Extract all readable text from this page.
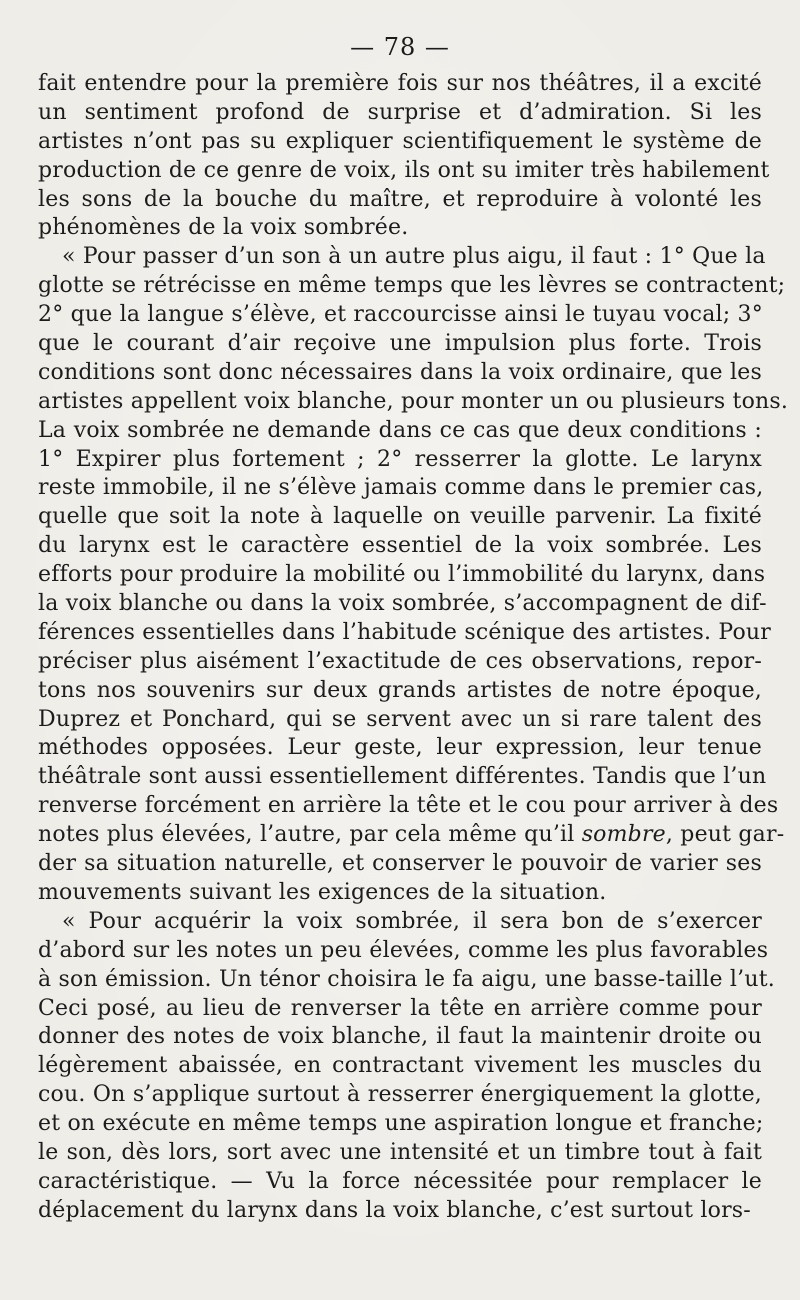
— 78 —
fait entendre pour la première fois sur nos théâtres, il a excité
un sentiment profond de surprise et d’admiration. Si les
artistes n’ont pas su expliquer scientifiquement le système de
production de ce genre de voix, ils ont su imiter très habilement
les sons de la bouche du maître, et reproduire à volonté les
phénomènes de la voix sombrée.
« Pour passer d’un son à un autre plus aigu, il faut : 1° Que la
glotte se rétrécisse en même temps que les lèvres se contractent;
2° que la langue s’élève, et raccourcisse ainsi le tuyau vocal; 3°
que le courant d’air reçoive une impulsion plus forte. Trois
conditions sont donc nécessaires dans la voix ordinaire, que les
artistes appellent voix blanche, pour monter un ou plusieurs tons.
La voix sombrée ne demande dans ce cas que deux conditions :
1° Expirer plus fortement ; 2° resserrer la glotte. Le larynx
reste immobile, il ne s’élève jamais comme dans le premier cas,
quelle que soit la note à laquelle on veuille parvenir. La fixité
du larynx est le caractère essentiel de la voix sombrée. Les
efforts pour produire la mobilité ou l’immobilité du larynx, dans
la voix blanche ou dans la voix sombrée, s’accompagnent de dif-
férences essentielles dans l’habitude scénique des artistes. Pour
préciser plus aisément l’exactitude de ces observations, repor-
tons nos souvenirs sur deux grands artistes de notre époque,
Duprez et Ponchard, qui se servent avec un si rare talent des
méthodes opposées. Leur geste, leur expression, leur tenue
théâtrale sont aussi essentiellement différentes. Tandis que l’un
renverse forcément en arrière la tête et le cou pour arriver à des
notes plus élevées, l’autre, par cela même qu’il sombre, peut gar-
der sa situation naturelle, et conserver le pouvoir de varier ses
mouvements suivant les exigences de la situation.
« Pour acquérir la voix sombrée, il sera bon de s’exercer
d’abord sur les notes un peu élevées, comme les plus favorables
à son émission. Un ténor choisira le fa aigu, une basse-taille l’ut.
Ceci posé, au lieu de renverser la tête en arrière comme pour
donner des notes de voix blanche, il faut la maintenir droite ou
légèrement abaissée, en contractant vivement les muscles du
cou. On s’applique surtout à resserrer énergiquement la glotte,
et on exécute en même temps une aspiration longue et franche;
le son, dès lors, sort avec une intensité et un timbre tout à fait
caractéristique. — Vu la force nécessitée pour remplacer le
déplacement du larynx dans la voix blanche, c’est surtout lors-
